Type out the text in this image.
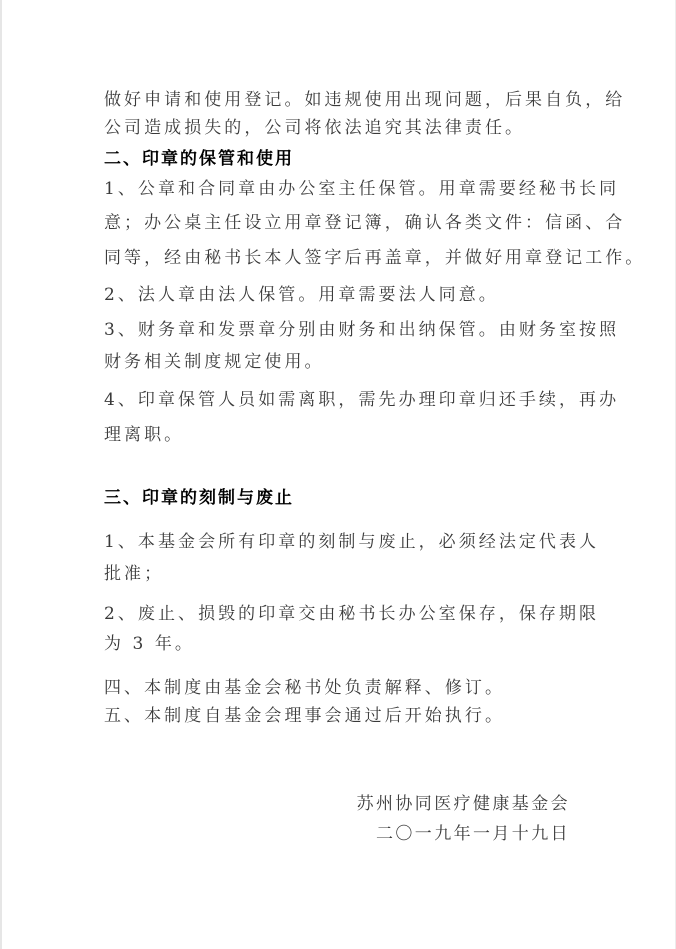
做好申请和使用登记。如违规使用出现问题，后果自负，给
公司造成损失的，公司将依法追究其法律责任。
二、印章的保管和使用
1、公章和合同章由办公室主任保管。用章需要经秘书长同
意；办公桌主任设立用章登记簿，确认各类文件：信函、合
同等，经由秘书长本人签字后再盖章，并做好用章登记工作。
2、法人章由法人保管。用章需要法人同意。
3、财务章和发票章分别由财务和出纳保管。由财务室按照
财务相关制度规定使用。
4、印章保管人员如需离职，需先办理印章归还手续，再办
理离职。
三、印章的刻制与废止
1、本基金会所有印章的刻制与废止，必须经法定代表人
批准；
2、废止、损毁的印章交由秘书长办公室保存，保存期限
为 3 年。
四、本制度由基金会秘书处负责解释、修订。
五、本制度自基金会理事会通过后开始执行。
苏州协同医疗健康基金会
二〇一九年一月十九日
